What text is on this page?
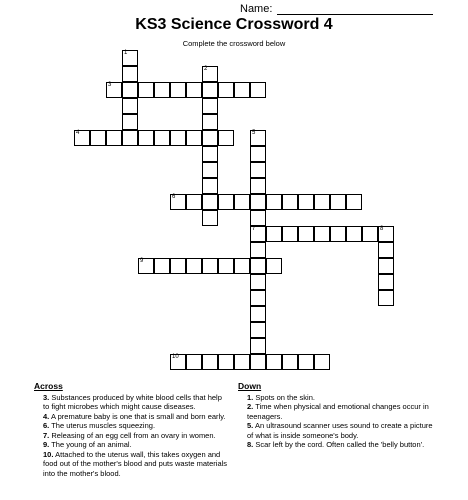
Name:
KS3 Science Crossword 4
Complete the crossword below
1
2
3
4	5
7
6
8
9
10
Across
3. Substances produced by white blood cells that help to fight microbes which might cause diseases.
4. A premature baby is one that is small and born early.
6. The uterus muscles squeezing.
7. Releasing of an egg cell from an ovary in women.
9. The young of an animal.
10. Attached to the uterus wall, this takes oxygen and food out of the mother's blood and puts waste materials into the mother's blood.
Down
1. Spots on the skin.
2. Time when physical and emotional changes occur in teenagers.
5. An ultrasound scanner uses sound to create a picture of what is inside someone's body.
8. Scar left by the cord. Often called the 'belly button'.
